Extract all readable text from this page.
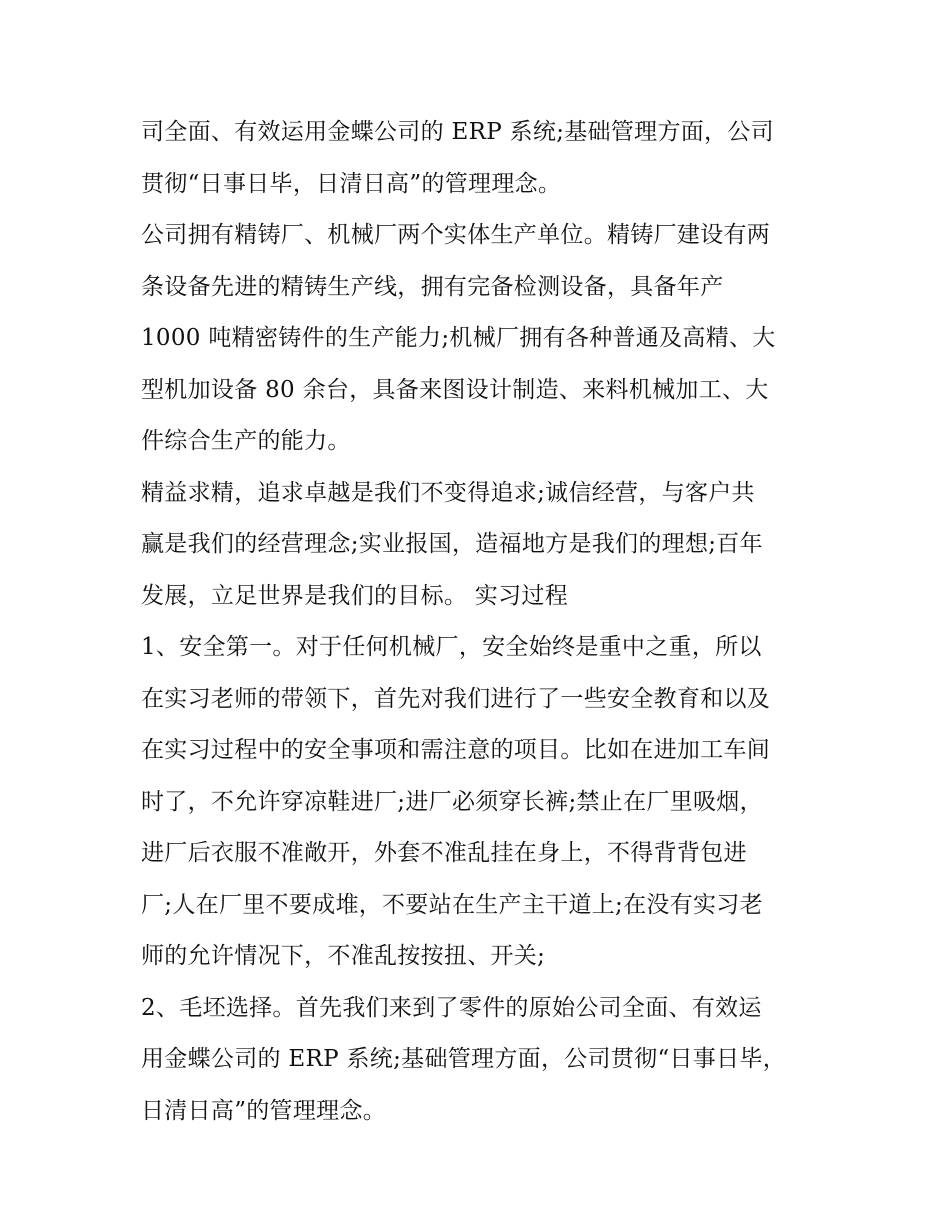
司全面、有效运用金蝶公司的 ERP 系统;基础管理方面，公司
贯彻“日事日毕，日清日高”的管理理念。
公司拥有精铸厂、机械厂两个实体生产单位。精铸厂建设有两
条设备先进的精铸生产线，拥有完备检测设备，具备年产
1000 吨精密铸件的生产能力;机械厂拥有各种普通及高精、大
型机加设备 80 余台，具备来图设计制造、来料机械加工、大
件综合生产的能力。
精益求精，追求卓越是我们不变得追求;诚信经营，与客户共
赢是我们的经营理念;实业报国，造福地方是我们的理想;百年
发展，立足世界是我们的目标。 实习过程
1、安全第一。对于任何机械厂，安全始终是重中之重，所以
在实习老师的带领下，首先对我们进行了一些安全教育和以及
在实习过程中的安全事项和需注意的项目。比如在进加工车间
时了，不允许穿凉鞋进厂;进厂必须穿长裤;禁止在厂里吸烟，
进厂后衣服不准敞开，外套不准乱挂在身上，不得背背包进
厂;人在厂里不要成堆，不要站在生产主干道上;在没有实习老
师的允许情况下，不准乱按按扭、开关;
2、毛坯选择。首先我们来到了零件的原始公司全面、有效运
用金蝶公司的 ERP 系统;基础管理方面，公司贯彻“日事日毕，
日清日高”的管理理念。
